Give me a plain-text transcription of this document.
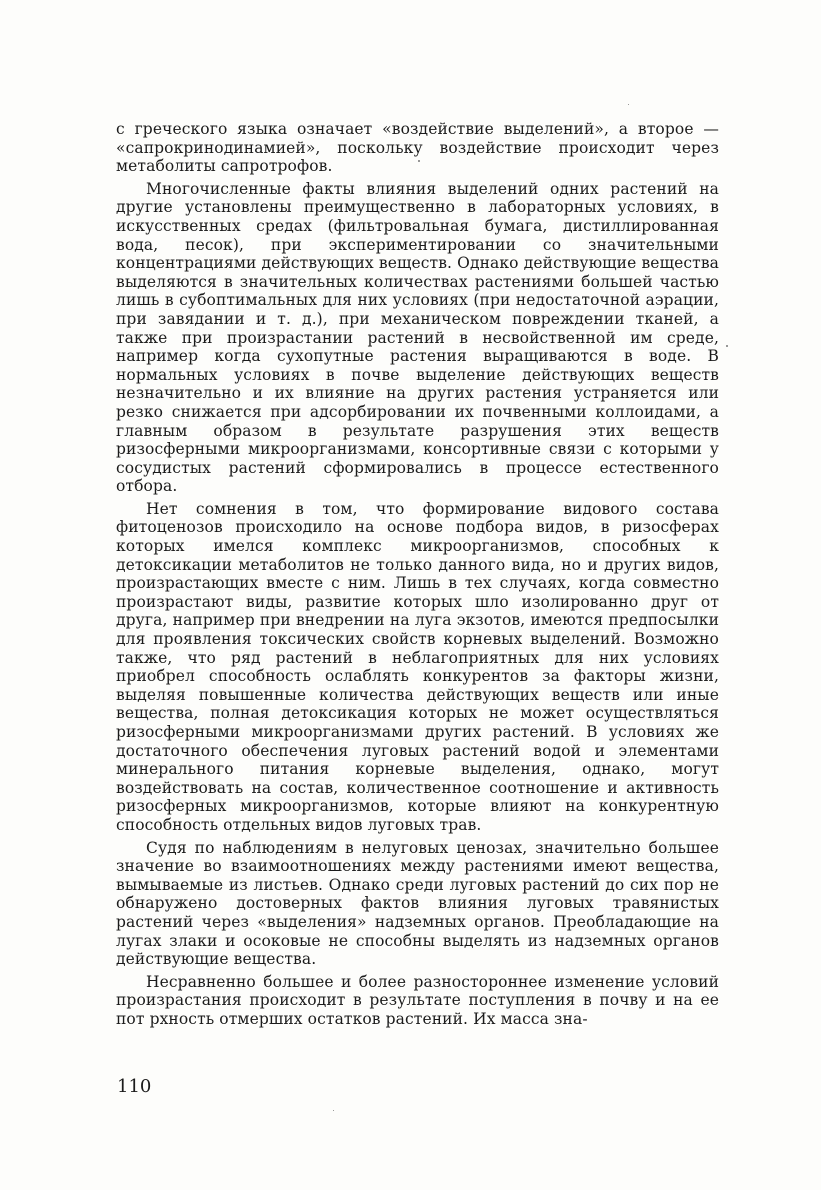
с греческого языка означает «воздействие выделений», а второе — «сапрокринодинамией», поскольку воздействие происходит через метаболиты сапротрофов.

Многочисленные факты влияния выделений одних растений на другие установлены преимущественно в лабораторных условиях, в искусственных средах (фильтровальная бумага, дистиллированная вода, песок), при экспериментировании со значительными концентрациями действующих веществ. Однако действующие вещества выделяются в значительных количествах растениями большей частью лишь в субоптимальных для них условиях (при недостаточной аэрации, при завядании и т. д.), при механическом повреждении тканей, а также при произрастании растений в несвойственной им среде, например когда сухопутные растения выращиваются в воде. В нормальных условиях в почве выделение действующих веществ незначительно и их влияние на других растения устраняется или резко снижается при адсорбировании их почвенными коллоидами, а главным образом в результате разрушения этих веществ ризосферными микроорганизмами, консортивные связи с которыми у сосудистых растений сформировались в процессе естественного отбора.

Нет сомнения в том, что формирование видового состава фитоценозов происходило на основе подбора видов, в ризосферах которых имелся комплекс микроорганизмов, способных к детоксикации метаболитов не только данного вида, но и других видов, произрастающих вместе с ним. Лишь в тех случаях, когда совместно произрастают виды, развитие которых шло изолированно друг от друга, например при внедрении на луга экзотов, имеются предпосылки для проявления токсических свойств корневых выделений. Возможно также, что ряд растений в неблагоприятных для них условиях приобрел способность ослаблять конкурентов за факторы жизни, выделяя повышенные количества действующих веществ или иные вещества, полная детоксикация которых не может осуществляться ризосферными микроорганизмами других растений. В условиях же достаточного обеспечения луговых растений водой и элементами минерального питания корневые выделения, однако, могут воздействовать на состав, количественное соотношение и активность ризосферных микроорганизмов, которые влияют на конкурентную способность отдельных видов луговых трав.

Судя по наблюдениям в нелуговых ценозах, значительно большее значение во взаимоотношениях между растениями имеют вещества, вымываемые из листьев. Однако среди луговых растений до сих пор не обнаружено достоверных фактов влияния луговых травянистых растений через «выделения» надземных органов. Преобладающие на лугах злаки и осоковые не способны выделять из надземных органов действующие вещества.

Несравненно большее и более разностороннее изменение условий произрастания происходит в результате поступления в почву и на ее пот рхность отмерших остатков растений. Их масса зна-

110
